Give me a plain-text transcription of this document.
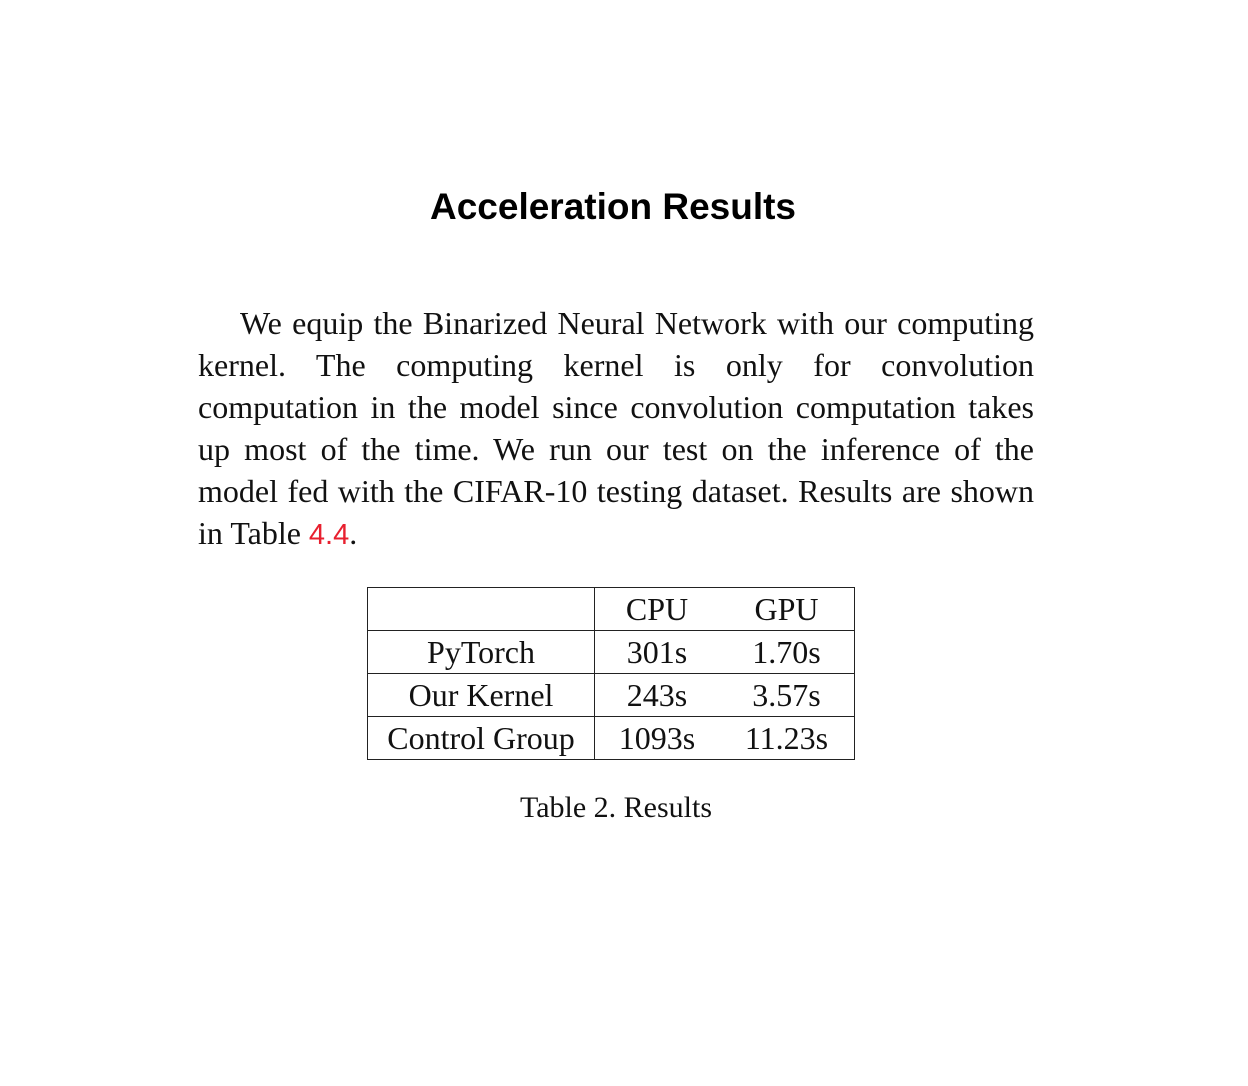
Acceleration Results

We equip the Binarized Neural Network with our computing kernel. The computing kernel is only for convolution computation in the model since convolution computation takes up most of the time. We run our test on the inference of the model fed with the CIFAR-10 testing dataset. Results are shown in Table 4.4.

	CPU	GPU
PyTorch	301s	1.70s
Our Kernel	243s	3.57s
Control Group	1093s	11.23s

Table 2. Results
